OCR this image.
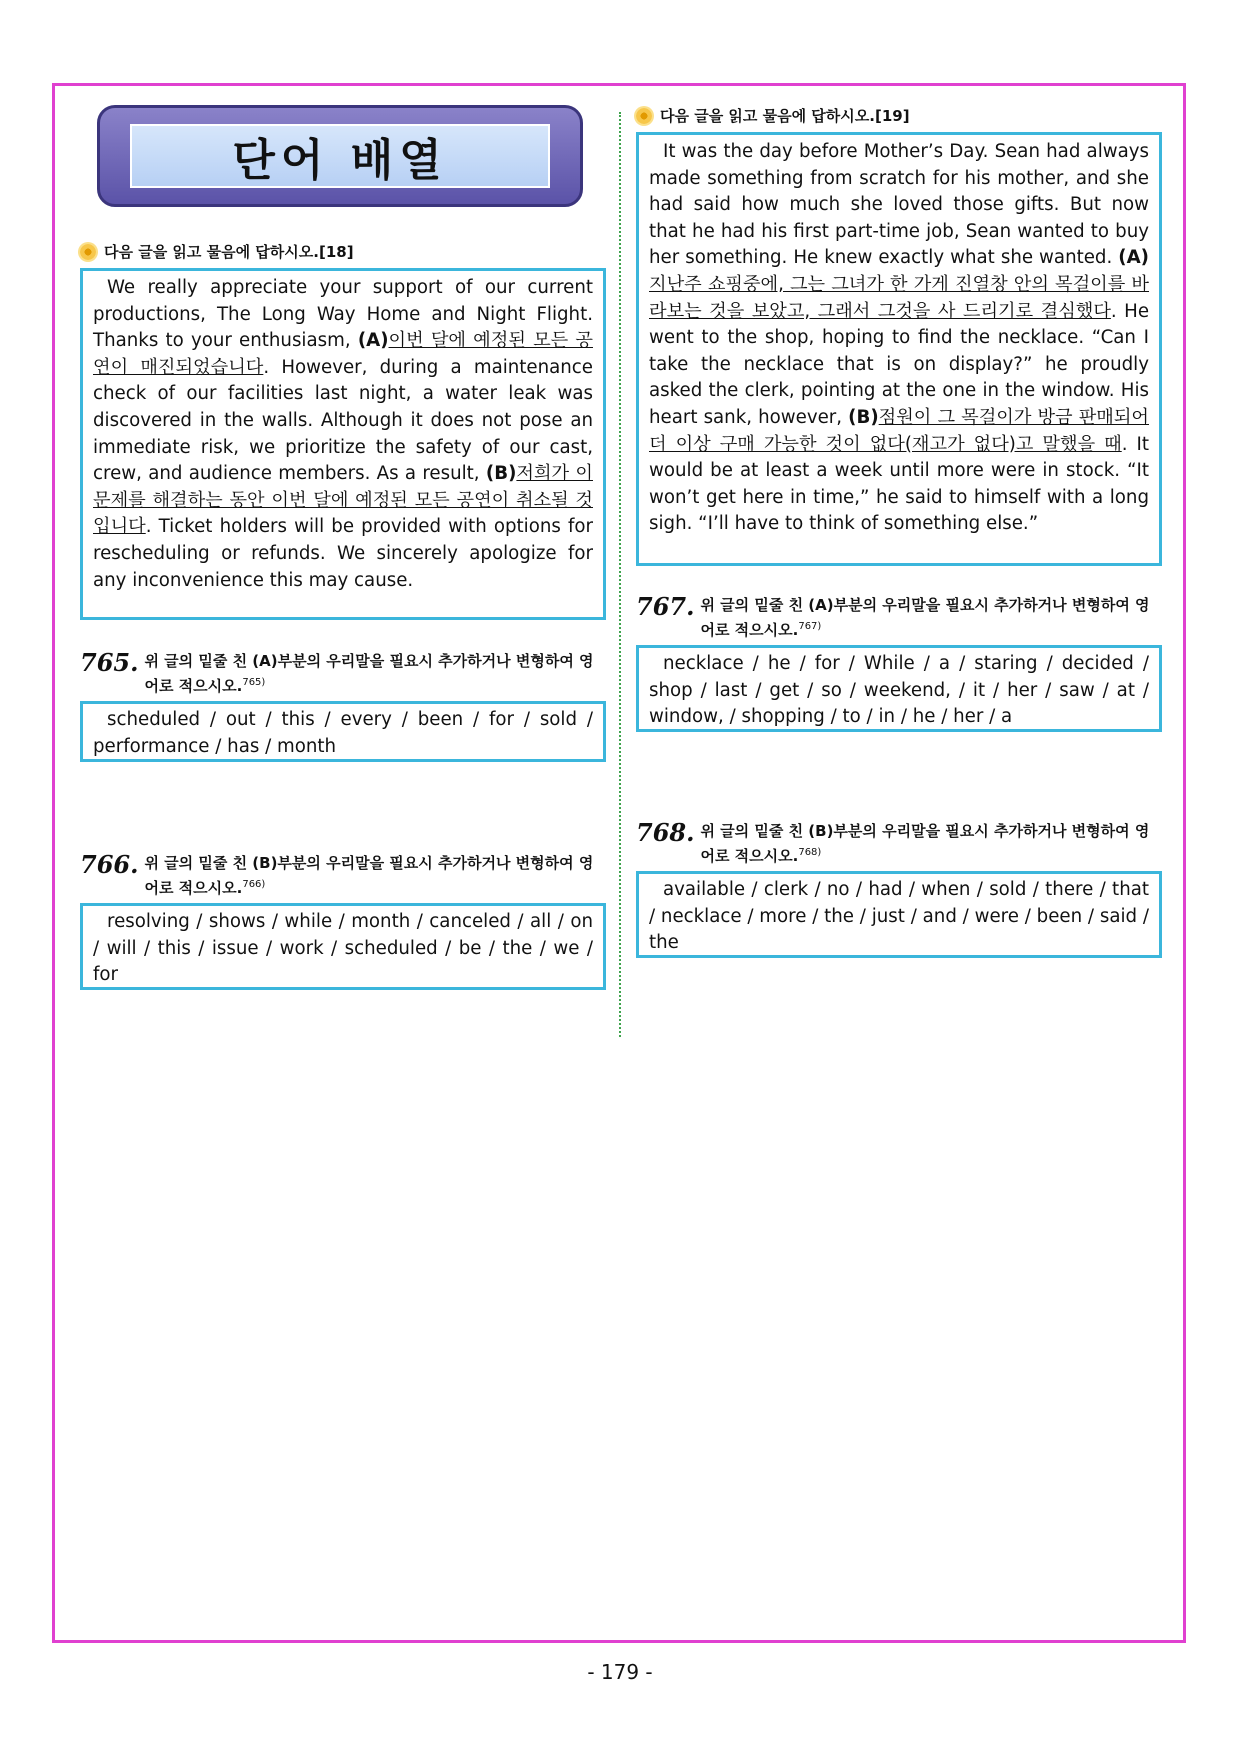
단어 배열
다음 글을 읽고 물음에 답하시오.[18]
We really appreciate your support of our current productions, The Long Way Home and Night Flight. Thanks to your enthusiasm, (A)이번 달에 예정된 모든 공연이 매진되었습니다. However, during a maintenance check of our facilities last night, a water leak was discovered in the walls. Although it does not pose an immediate risk, we prioritize the safety of our cast, crew, and audience members. As a result, (B)저희가 이 문제를 해결하는 동안 이번 달에 예정된 모든 공연이 취소될 것입니다. Ticket holders will be provided with options for rescheduling or refunds. We sincerely apologize for any inconvenience this may cause.
765. 위 글의 밑줄 친 (A)부분의 우리말을 필요시 추가하거나 변형하여 영어로 적으시오.$^{765)}$
scheduled / out / this / every / been / for / sold / performance / has / month
766. 위 글의 밑줄 친 (B)부분의 우리말을 필요시 추가하거나 변형하여 영어로 적으시오.$^{766)}$
resolving / shows / while / month / canceled / all / on / will / this / issue / work / scheduled / be / the / we / for
다음 글을 읽고 물음에 답하시오.[19]
It was the day before Mother’s Day. Sean had always made something from scratch for his mother, and she had said how much she loved those gifts. But now that he had his first part-time job, Sean wanted to buy her something. He knew exactly what she wanted. (A)지난주 쇼핑중에, 그는 그녀가 한 가게 진열창 안의 목걸이를 바라보는 것을 보았고, 그래서 그것을 사 드리기로 결심했다. He went to the shop, hoping to find the necklace. “Can I take the necklace that is on display?” he proudly asked the clerk, pointing at the one in the window. His heart sank, however, (B)점원이 그 목걸이가 방금 판매되어 더 이상 구매 가능한 것이 없다(재고가 없다)고 말했을 때. It would be at least a week until more were in stock. “It won’t get here in time,” he said to himself with a long sigh. “I’ll have to think of something else.”
767. 위 글의 밑줄 친 (A)부분의 우리말을 필요시 추가하거나 변형하여 영어로 적으시오.$^{767)}$
necklace / he / for / While / a / staring / decided / shop / last / get / so / weekend, / it / her / saw / at / window, / shopping / to / in / he / her / a
768. 위 글의 밑줄 친 (B)부분의 우리말을 필요시 추가하거나 변형하여 영어로 적으시오.$^{768)}$
available / clerk / no / had / when / sold / there / that / necklace / more / the / just / and / were / been / said / the
- 179 -
